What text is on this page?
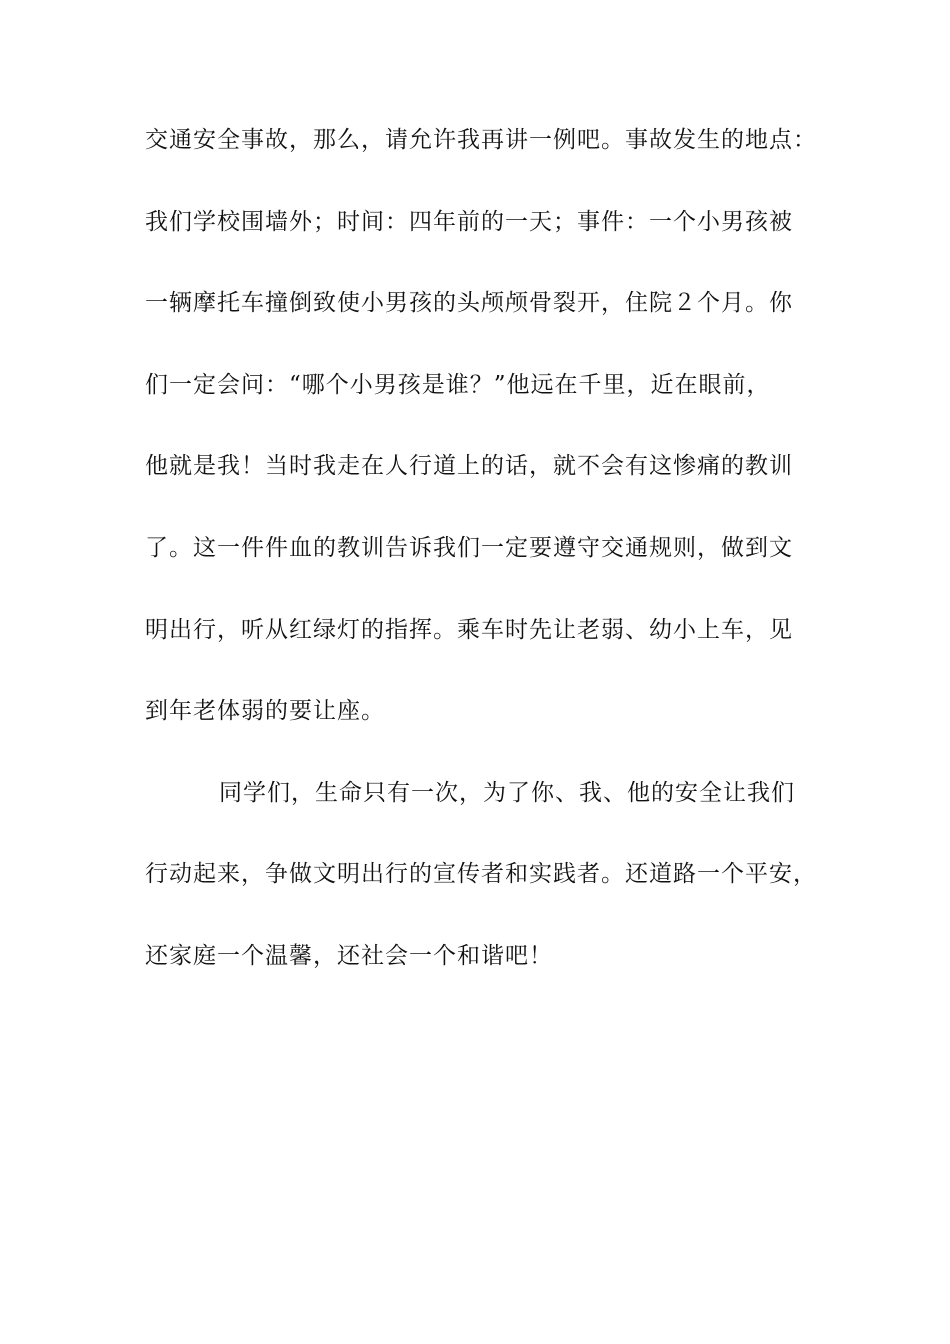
交通安全事故，那么，请允许我再讲一例吧。事故发生的地点：
我们学校围墙外；时间：四年前的一天；事件：一个小男孩被
一辆摩托车撞倒致使小男孩的头颅颅骨裂开，住院２个月。你
们一定会问：“哪个小男孩是谁？”他远在千里，近在眼前，
他就是我！当时我走在人行道上的话，就不会有这惨痛的教训
了。这一件件血的教训告诉我们一定要遵守交通规则，做到文
明出行，听从红绿灯的指挥。乘车时先让老弱、幼小上车，见
到年老体弱的要让座。
同学们，生命只有一次，为了你、我、他的安全让我们
行动起来，争做文明出行的宣传者和实践者。还道路一个平安，
还家庭一个温馨，还社会一个和谐吧！
